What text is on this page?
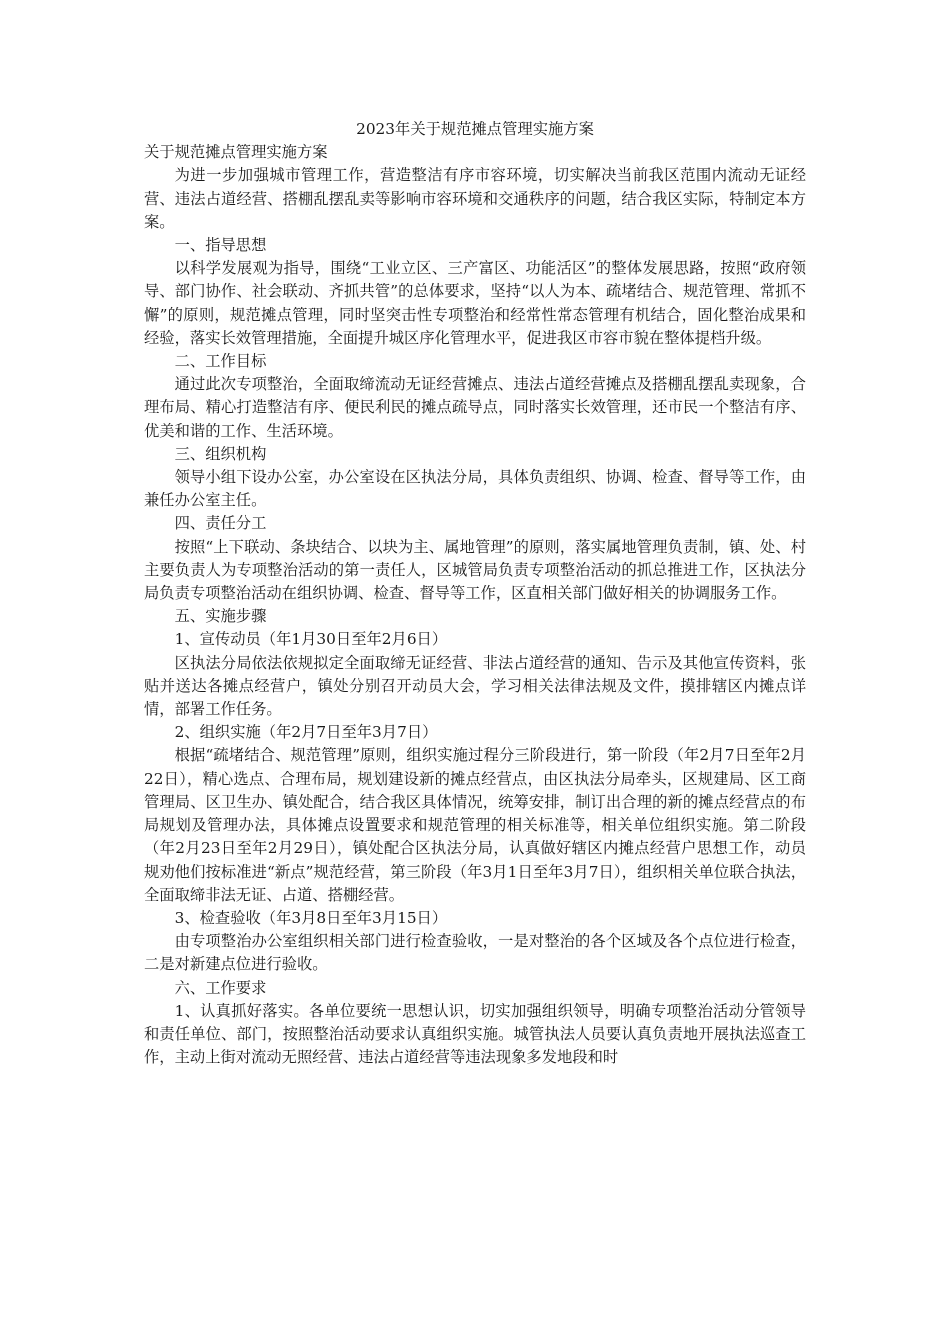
2023年关于规范摊点管理实施方案

关于规范摊点管理实施方案

为进一步加强城市管理工作，营造整洁有序市容环境，切实解决当前我区范围内流动无证经营、违法占道经营、搭棚乱摆乱卖等影响市容环境和交通秩序的问题，结合我区实际，特制定本方案。

一、指导思想

以科学发展观为指导，围绕“工业立区、三产富区、功能活区”的整体发展思路，按照“政府领导、部门协作、社会联动、齐抓共管”的总体要求，坚持“以人为本、疏堵结合、规范管理、常抓不懈”的原则，规范摊点管理，同时坚突击性专项整治和经常性常态管理有机结合，固化整治成果和经验，落实长效管理措施，全面提升城区序化管理水平，促进我区市容市貌在整体提档升级。

二、工作目标

通过此次专项整治，全面取缔流动无证经营摊点、违法占道经营摊点及搭棚乱摆乱卖现象，合理布局、精心打造整洁有序、便民利民的摊点疏导点，同时落实长效管理，还市民一个整洁有序、优美和谐的工作、生活环境。

三、组织机构

领导小组下设办公室，办公室设在区执法分局，具体负责组织、协调、检查、督导等工作，由兼任办公室主任。

四、责任分工

按照“上下联动、条块结合、以块为主、属地管理”的原则，落实属地管理负责制，镇、处、村主要负责人为专项整治活动的第一责任人，区城管局负责专项整治活动的抓总推进工作，区执法分局负责专项整治活动在组织协调、检查、督导等工作，区直相关部门做好相关的协调服务工作。

五、实施步骤

1、宣传动员（年1月30日至年2月6日）

区执法分局依法依规拟定全面取缔无证经营、非法占道经营的通知、告示及其他宣传资料，张贴并送达各摊点经营户，镇处分别召开动员大会，学习相关法律法规及文件，摸排辖区内摊点详情，部署工作任务。

2、组织实施（年2月7日至年3月7日）

根据“疏堵结合、规范管理”原则，组织实施过程分三阶段进行，第一阶段（年2月7日至年2月22日），精心选点、合理布局，规划建设新的摊点经营点，由区执法分局牵头，区规建局、区工商管理局、区卫生办、镇处配合，结合我区具体情况，统筹安排，制订出合理的新的摊点经营点的布局规划及管理办法，具体摊点设置要求和规范管理的相关标准等，相关单位组织实施。第二阶段（年2月23日至年2月29日），镇处配合区执法分局，认真做好辖区内摊点经营户思想工作，动员规劝他们按标准进“新点”规范经营，第三阶段（年3月1日至年3月7日），组织相关单位联合执法，全面取缔非法无证、占道、搭棚经营。

3、检查验收（年3月8日至年3月15日）

由专项整治办公室组织相关部门进行检查验收，一是对整治的各个区域及各个点位进行检查，二是对新建点位进行验收。

六、工作要求

1、认真抓好落实。各单位要统一思想认识，切实加强组织领导，明确专项整治活动分管领导和责任单位、部门，按照整治活动要求认真组织实施。城管执法人员要认真负责地开展执法巡查工作，主动上街对流动无照经营、违法占道经营等违法现象多发地段和时
